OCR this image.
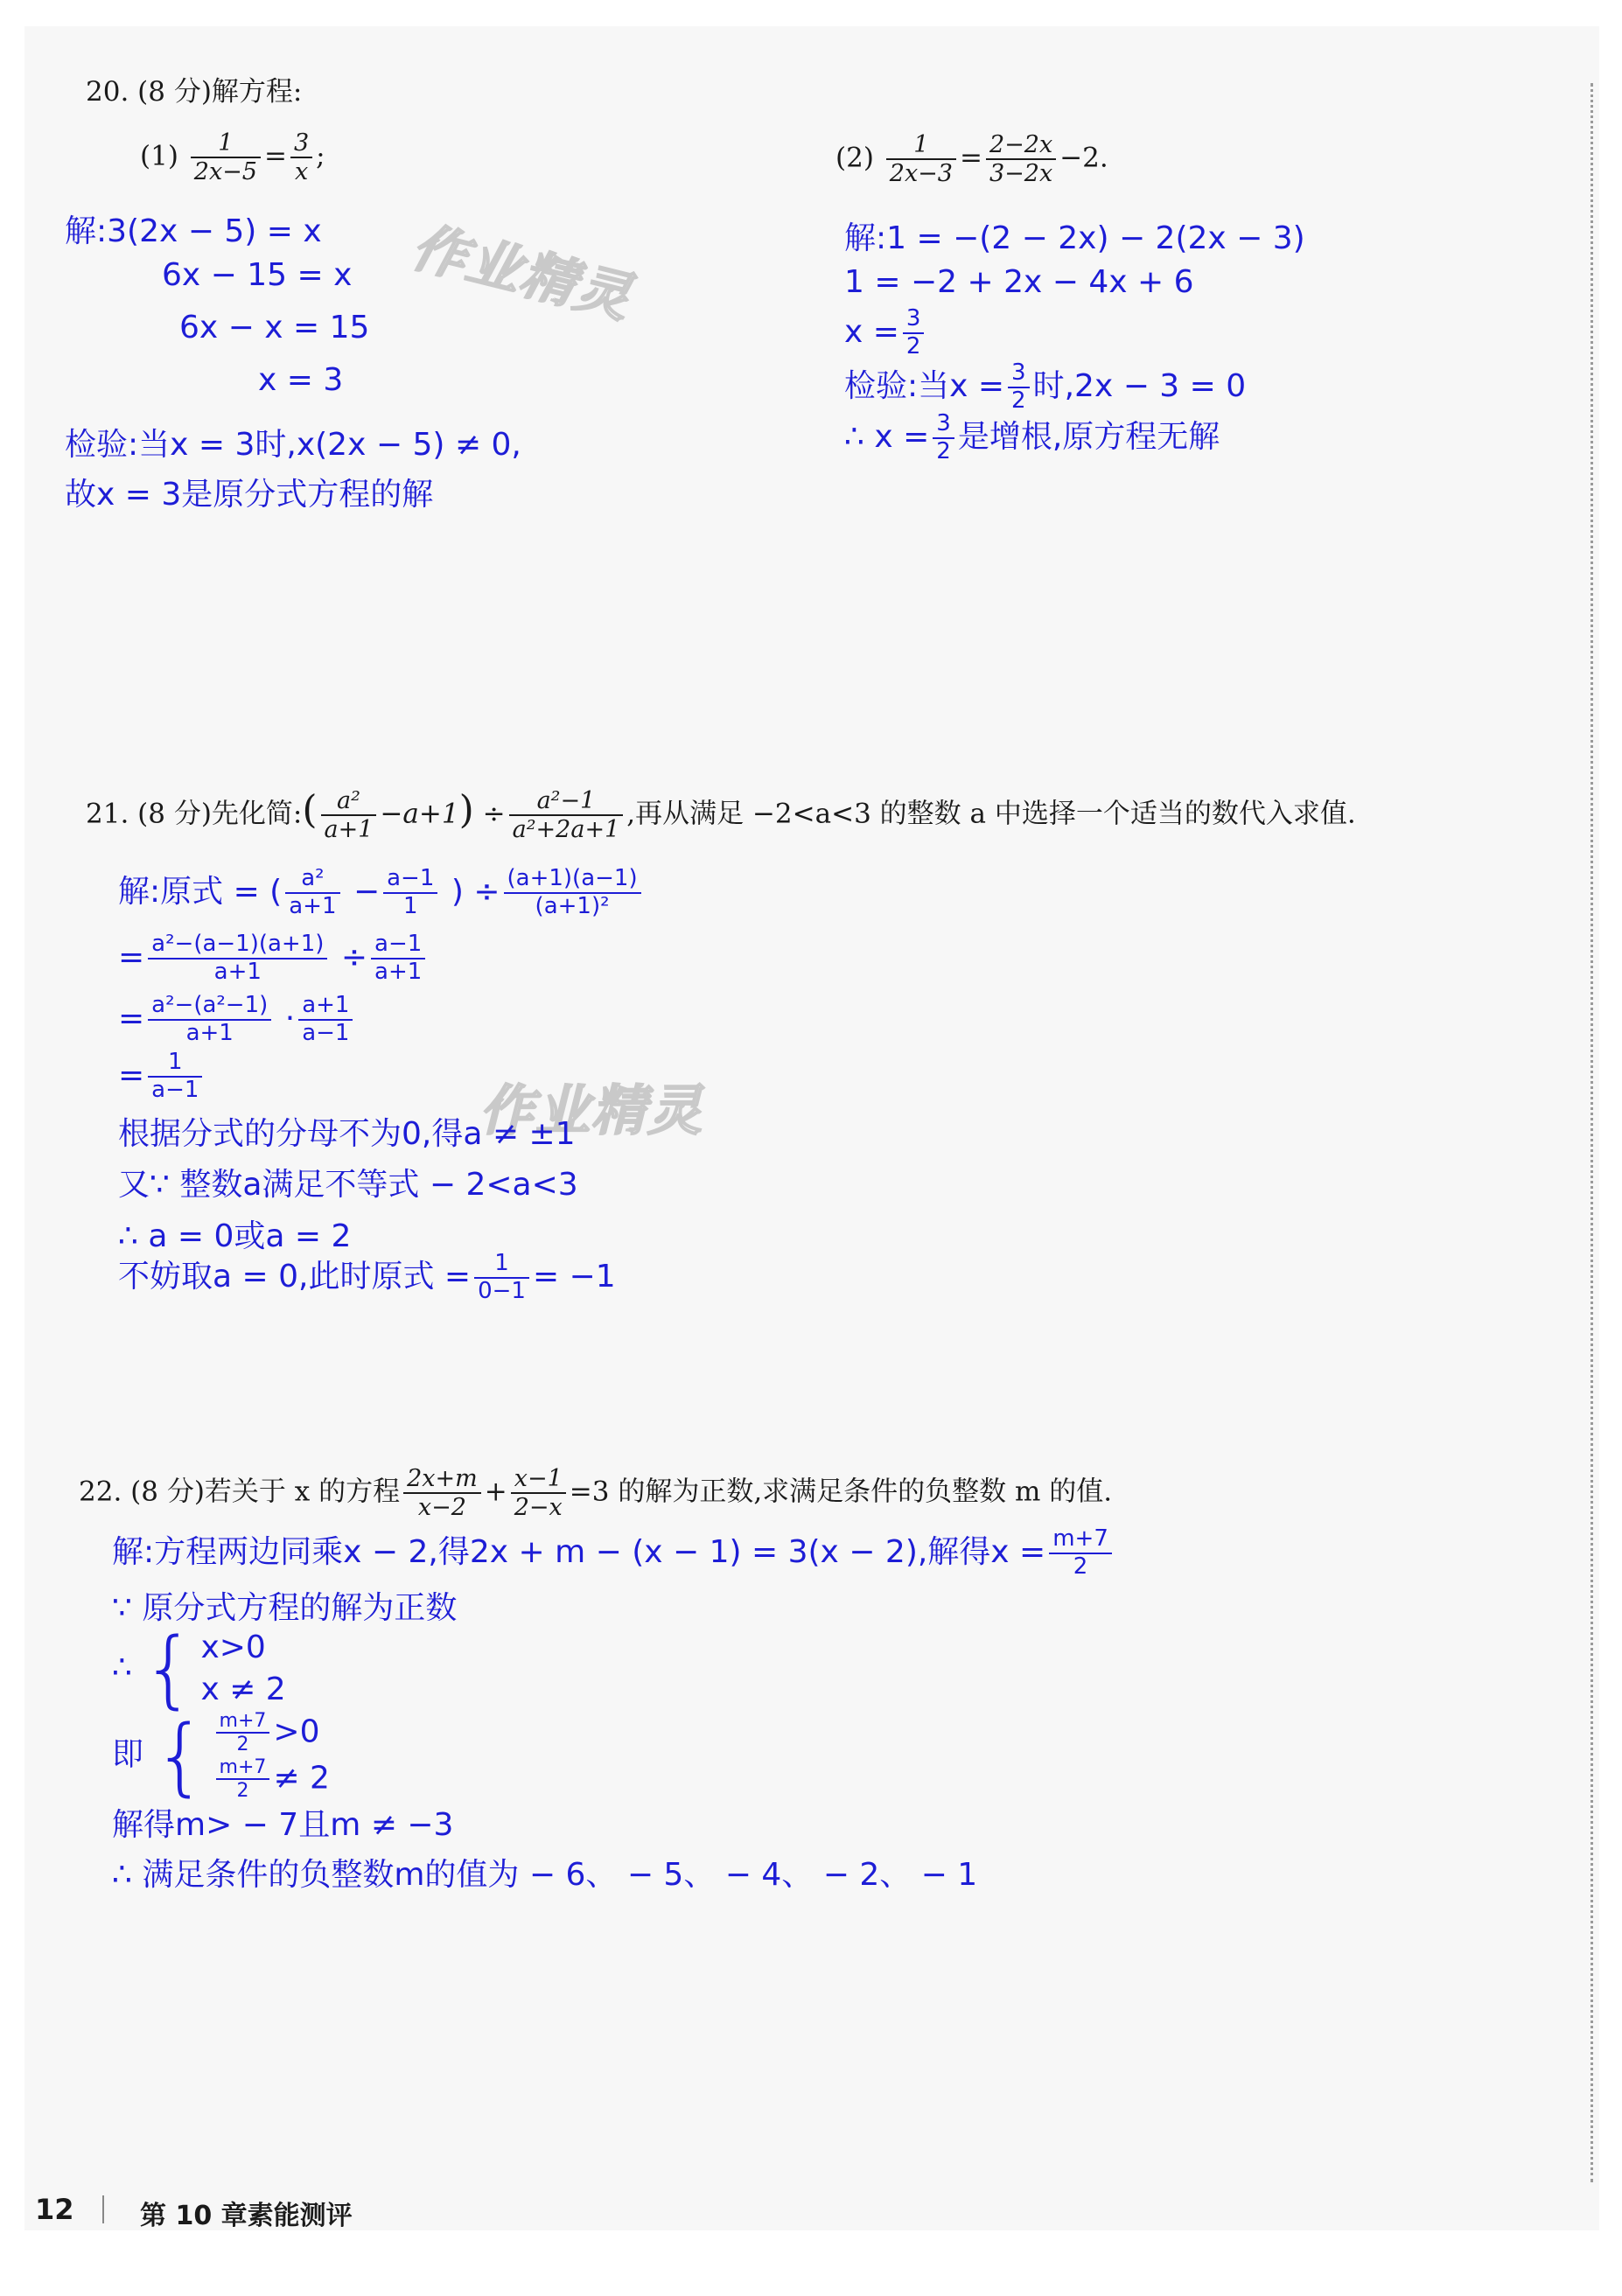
作业精灵
作业精灵
20. (8 分)解方程:
$(1) \frac{1}{2x-5} = \frac{3}{x}$ ;	$(2) \frac{1}{2x-3} = \frac{2-2x}{3-2x} -2$.
解:3(2x − 5) = x
6x − 15 = x
6x − x = 15
x = 3
检验:当x = 3时,x(2x − 5) ≠ 0,
故x = 3是原分式方程的解
解:1 = −(2 − 2x) − 2(2x − 3)
1 = −2 + 2x − 4x + 6
$x = \frac{3}{2}$
检验:当$x = \frac{3}{2}$ 时,2x − 3 = 0
∴ $x = \frac{3}{2}$ 是增根,原方程无解
21. (8 分)先化简:( $\frac{\text{a²}}{a+1} -a+1) \div \frac{\text{a²−1}}{\text{a²+2a+1}}$ ,再从满足 −2<a<3 的整数 a 中选择一个适当的数代入求值.
解:原式 = ( $\frac{\text{a²}}{a+1} - \frac{a-1}{1}$ ) ÷ $\frac{(a+1)(a-1)}{\text{(a+1)²}}$
= $\frac{\text{a²−(a−1)(a+1)}}{a+1} \div \frac{a-1}{a+1}$
= $\frac{\text{a²−(a²−1)}}{a+1} \cdot \frac{a+1}{a-1}$
= $\frac{1}{a-1}$
根据分式的分母不为0,得a ≠ ±1
又∵ 整数a满足不等式 − 2<a<3
∴ a = 0或a = 2
不妨取a = 0,此时原式 = $\frac{1}{0-1} = -1$
22. (8 分)若关于 x 的方程 $\frac{2x+m}{x-2} + \frac{x-1}{2-x} =3$ 的解为正数,求满足条件的负整数 m 的值.
解:方程两边同乘x − 2,得2x + m − (x − 1) = 3(x − 2),解得$x = \frac{m+7}{2}$
∵ 原分式方程的解为正数
∴ { x>0
x ≠ 2
即 { $\frac{m+7}{2} >0$
$\frac{m+7}{2} \ne 2$
解得m> − 7且m ≠ −3
∴ 满足条件的负整数m的值为 − 6、 − 5、 − 4、 − 2、 − 1
12	第 10 章素能测评
